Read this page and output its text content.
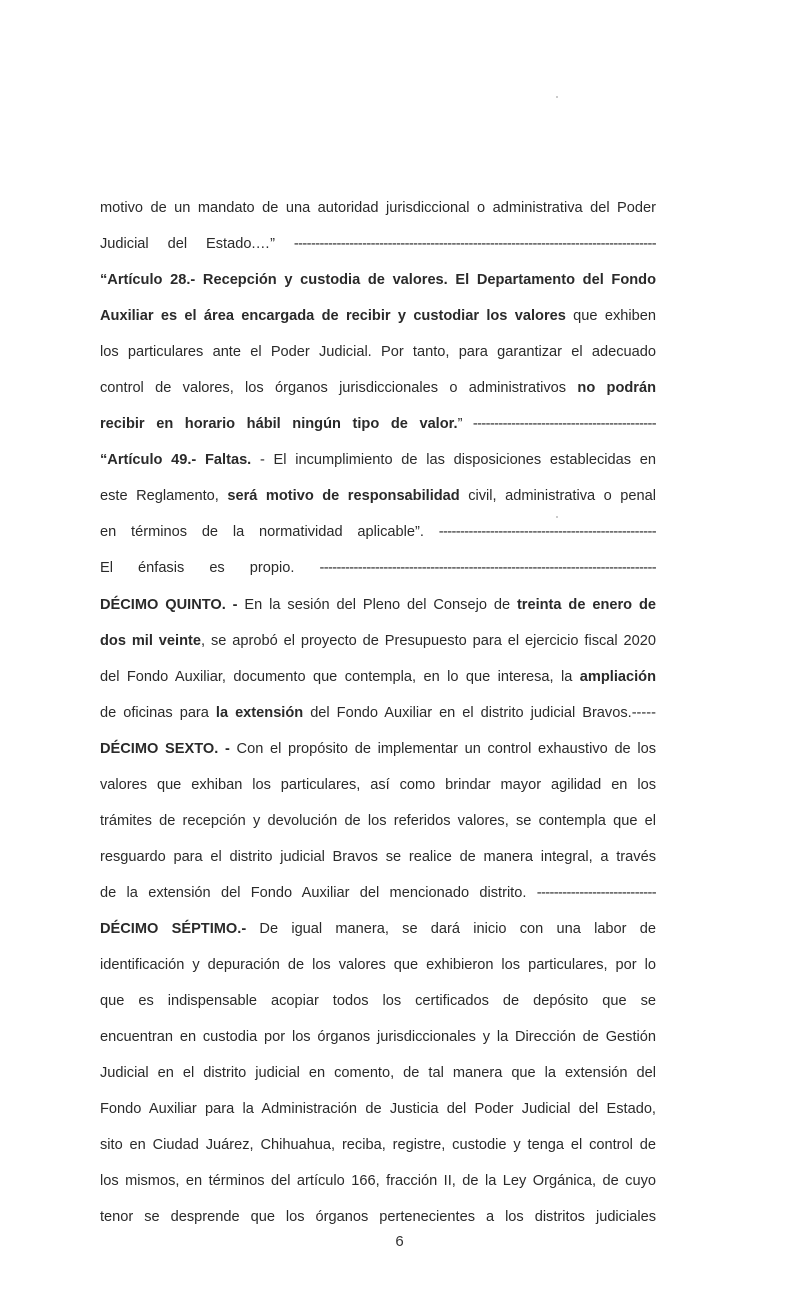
motivo de un mandato de una autoridad jurisdiccional o administrativa del Poder
Judicial del Estado.…” -------------------------------------------------------------------------------------
“Artículo 28.- Recepción y custodia de valores. El Departamento del Fondo
Auxiliar es el área encargada de recibir y custodiar los valores que exhiben
los particulares ante el Poder Judicial. Por tanto, para garantizar el adecuado
control de valores, los órganos jurisdiccionales o administrativos no podrán
recibir en horario hábil ningún tipo de valor.” -------------------------------------------
“Artículo 49.- Faltas. - El incumplimiento de las disposiciones establecidas en
este Reglamento, será motivo de responsabilidad civil, administrativa o penal
en términos de la normatividad aplicable”. ---------------------------------------------------
El énfasis es propio. -------------------------------------------------------------------------------
DÉCIMO QUINTO. - En la sesión del Pleno del Consejo de treinta de enero de
dos mil veinte, se aprobó el proyecto de Presupuesto para el ejercicio fiscal 2020
del Fondo Auxiliar, documento que contempla, en lo que interesa, la ampliación
de oficinas para la extensión del Fondo Auxiliar en el distrito judicial Bravos.-----
DÉCIMO SEXTO. - Con el propósito de implementar un control exhaustivo de los
valores que exhiban los particulares, así como brindar mayor agilidad en los
trámites de recepción y devolución de los referidos valores, se contempla que el
resguardo para el distrito judicial Bravos se realice de manera integral, a través
de la extensión del Fondo Auxiliar del mencionado distrito. ----------------------------
DÉCIMO SÉPTIMO.- De igual manera, se dará inicio con una labor de
identificación y depuración de los valores que exhibieron los particulares, por lo
que es indispensable acopiar todos los certificados de depósito que se
encuentran en custodia por los órganos jurisdiccionales y la Dirección de Gestión
Judicial en el distrito judicial en comento, de tal manera que la extensión del
Fondo Auxiliar para la Administración de Justicia del Poder Judicial del Estado,
sito en Ciudad Juárez, Chihuahua, reciba, registre, custodie y tenga el control de
los mismos, en términos del artículo 166, fracción II, de la Ley Orgánica, de cuyo
tenor se desprende que los órganos pertenecientes a los distritos judiciales
6
